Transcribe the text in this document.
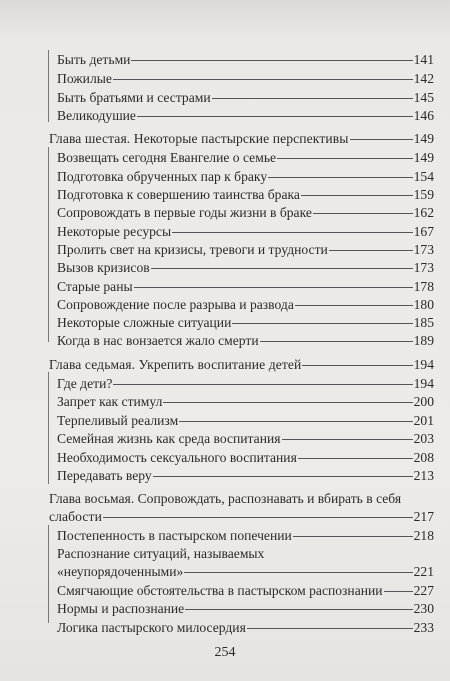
Быть детьми	141
Пожилые	142
Быть братьями и сестрами	145
Великодушие	146
Глава шестая. Некоторые пастырские перспективы	149
Возвещать сегодня Евангелие о семье	149
Подготовка обрученных пар к браку	154
Подготовка к совершению таинства брака	159
Сопровождать в первые годы жизни в браке	162
Некоторые ресурсы	167
Пролить свет на кризисы, тревоги и трудности	173
Вызов кризисов	173
Старые раны	178
Сопровождение после разрыва и развода	180
Некоторые сложные ситуации	185
Когда в нас вонзается жало смерти	189
Глава седьмая. Укрепить воспитание детей	194
Где дети?	194
Запрет как стимул	200
Терпеливый реализм	201
Семейная жизнь как среда воспитания	203
Необходимость сексуального воспитания	208
Передавать веру	213
Глава восьмая. Сопровождать, распознавать и вбирать в себя
слабости	217
Постепенность в пастырском попечении	218
Распознание ситуаций, называемых
«неупорядоченными»	221
Смягчающие обстоятельства в пастырском распознании 227
Нормы и распознание	230
Логика пастырского милосердия	233
254
